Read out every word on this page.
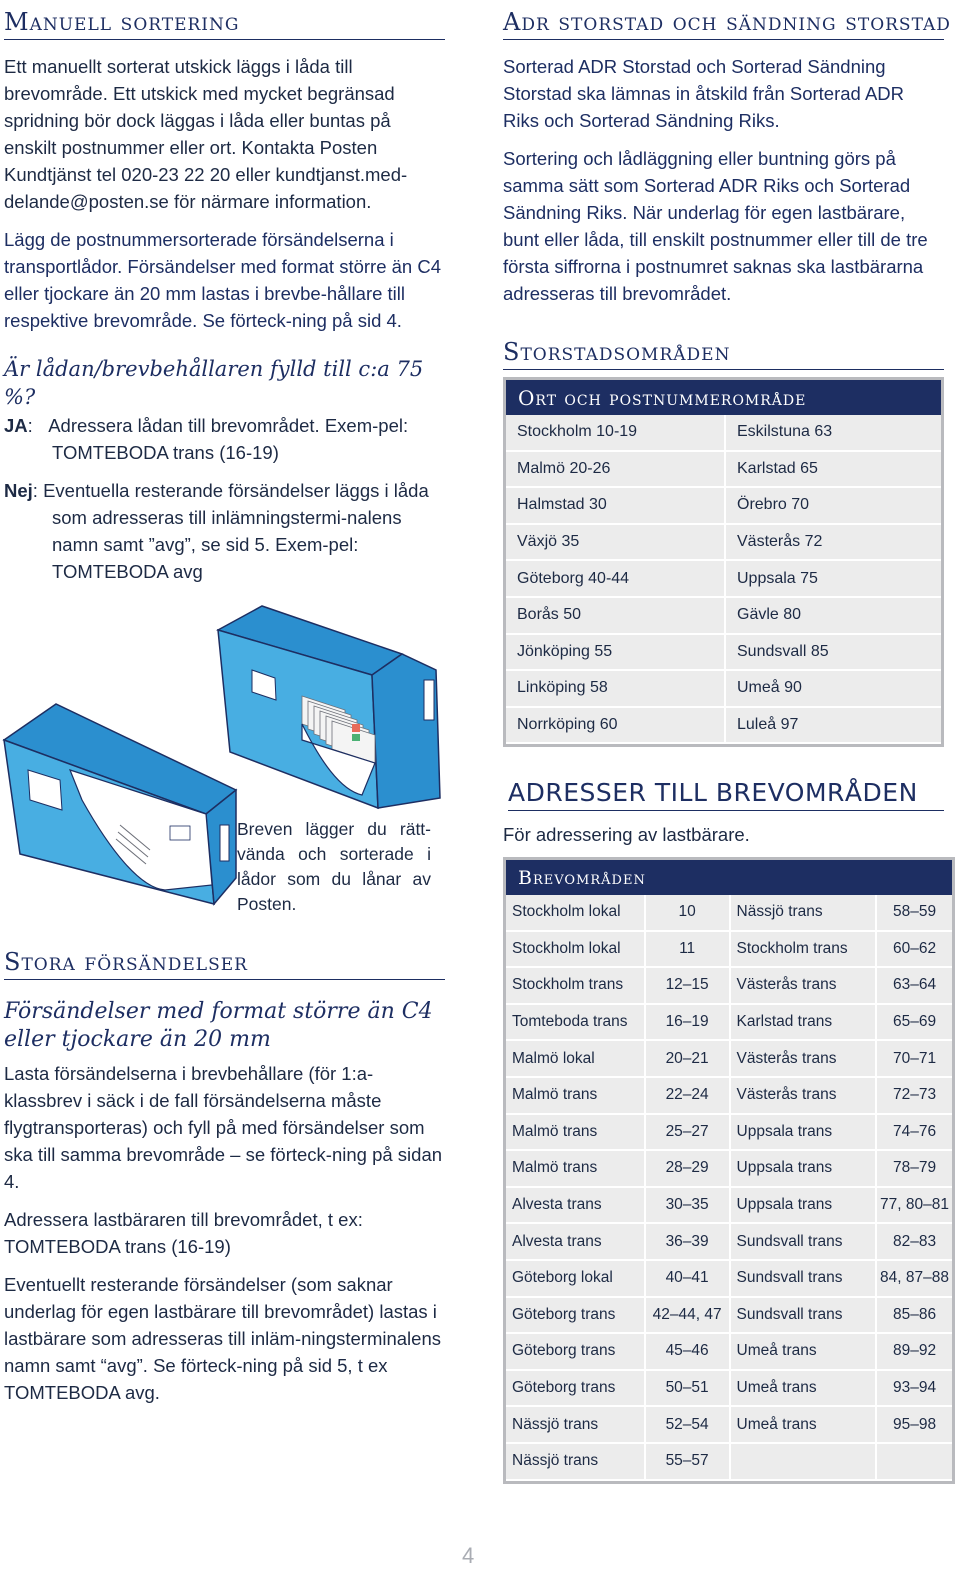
Manuell sortering

Ett manuellt sorterat utskick läggs i låda till brevområde. Ett utskick med mycket begränsad spridning bör dock läggas i låda eller buntas på enskilt postnummer eller ort. Kontakta Posten Kundtjänst tel 020-23 22 20 eller kundtjanst.med-delande@posten.se för närmare information.

Lägg de postnummersorterade försändelserna i transportlådor. Försändelser med format större än C4 eller tjockare än 20 mm lastas i brevbe-hållare till respektive brevområde. Se förteck-ning på sid 4.

Är lådan/brevbehållaren fylld till c:a 75 %?

JA:   Adressera lådan till brevområdet. Exem-pel: TOMTEBODA trans (16-19)
Nej: Eventuella resterande försändelser läggs i låda som adresseras till inlämningstermi-nalens namn samt ”avg”, se sid 5. Exem-pel: TOMTEBODA avg

Breven lägger du rätt-vända och sorterade i lådor som du lånar av Posten.

Stora försändelser

Försändelser med format större än C4 eller tjockare än 20 mm

Lasta försändelserna i brevbehållare (för 1:a-klassbrev i säck i de fall försändelserna måste flygtransporteras) och fyll på med försändelser som ska till samma brevområde – se förteck-ning på sidan 4.

Adressera lastbäraren till brevområdet, t ex: TOMTEBODA trans (16-19)

Eventuellt resterande försändelser (som saknar underlag för egen lastbärare till brevområdet) lastas i lastbärare som adresseras till inläm-ningsterminalens namn samt “avg”. Se förteck-ning på sid 5, t ex TOMTEBODA avg.

Adr storstad och sändning storstad

Sorterad ADR Storstad och Sorterad Sändning Storstad ska lämnas in åtskild från Sorterad ADR Riks och Sorterad Sändning Riks.

Sortering och lådläggning eller buntning görs på samma sätt som Sorterad ADR Riks och Sorterad Sändning Riks. När underlag för egen lastbärare, bunt eller låda, till enskilt postnummer eller till de tre första siffrorna i postnumret saknas ska lastbärarna adresseras till brevområdet.

Storstadsområden
Ort och postnummerområde	
Stockholm 10-19	Eskilstuna 63
Malmö 20-26	Karlstad 65
Halmstad 30	Örebro 70
Växjö 35	Västerås 72
Göteborg 40-44	Uppsala 75
Borås 50	Gävle 80
Jönköping 55	Sundsvall 85
Linköping 58	Umeå 90
Norrköping 60	Luleå 97
ADRESSER TILL BREVOMRÅDEN

För adressering av lastbärare.

Brevområden			
Stockholm lokal	10	Nässjö trans	58–59
Stockholm lokal	11	Stockholm trans	60–62
Stockholm trans	12–15	Västerås trans	63–64
Tomteboda trans	16–19	Karlstad trans	65–69
Malmö lokal	20–21	Västerås trans	70–71
Malmö trans	22–24	Västerås trans	72–73
Malmö trans	25–27	Uppsala trans	74–76
Malmö trans	28–29	Uppsala trans	78–79
Alvesta trans	30–35	Uppsala trans	77, 80–81
Alvesta trans	36–39	Sundsvall trans	82–83
Göteborg lokal	40–41	Sundsvall trans	84, 87–88
Göteborg trans	42–44, 47	Sundsvall trans	85–86
Göteborg trans	45–46	Umeå trans	89–92
Göteborg trans	50–51	Umeå trans	93–94
Nässjö trans	52–54	Umeå trans	95–98
Nässjö trans	55–57		
4
